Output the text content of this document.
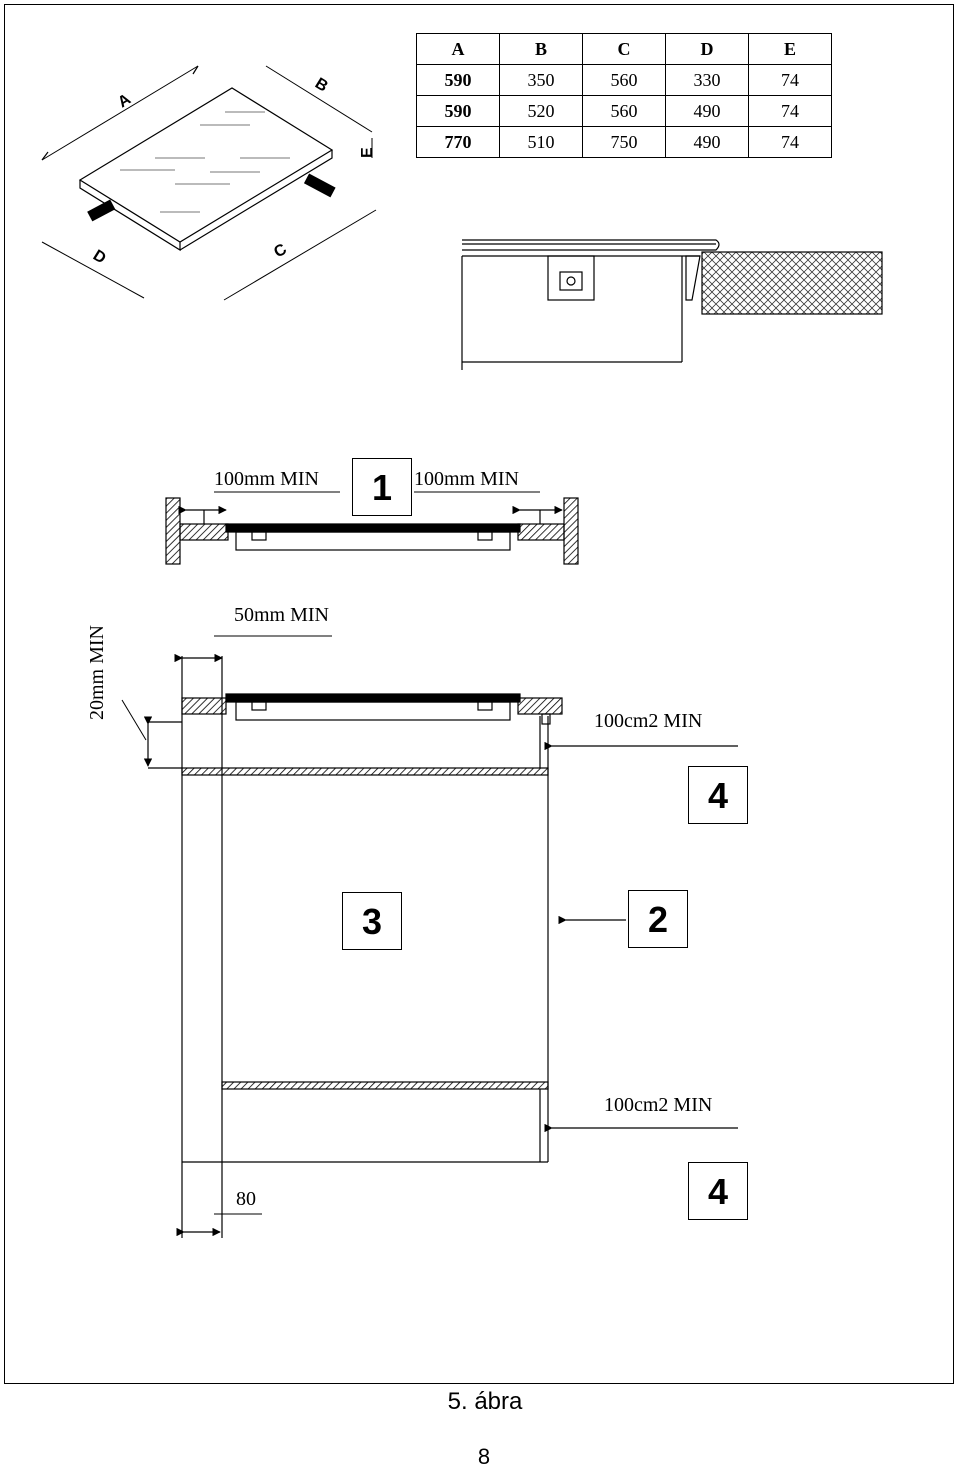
A
B
D	C
E
A	B	C	D	E
590	350	560	330	74
590	520	560	490	74
770	510	750	490	74
100mm MIN	100mm MIN
50mm MIN
20mm MIN
100cm2 MIN
100cm2 MIN
80
1
4
3	2
4
5. ábra
8
